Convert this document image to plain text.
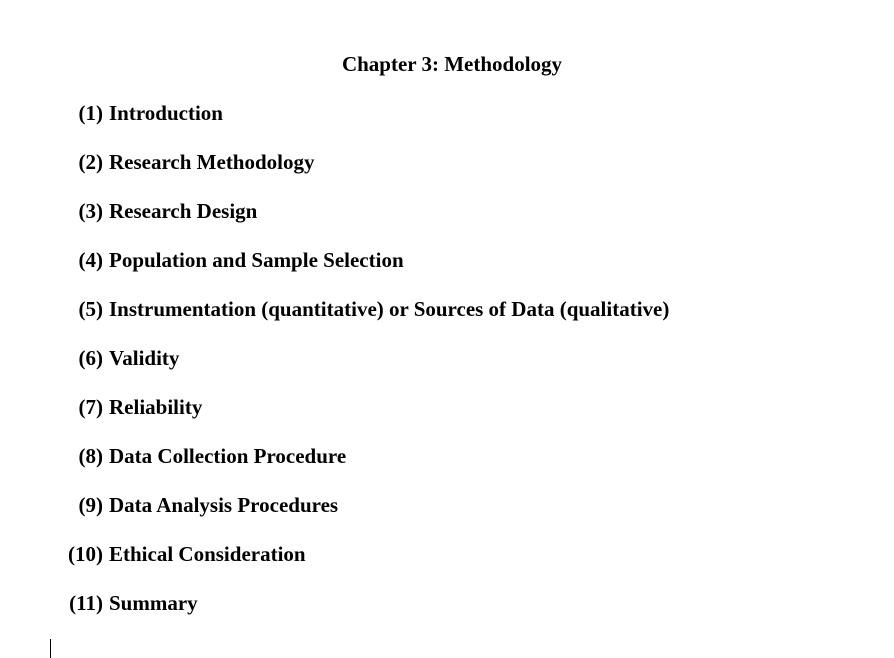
Chapter 3: Methodology
(1) Introduction
(2) Research Methodology
(3) Research Design
(4) Population and Sample Selection
(5) Instrumentation (quantitative) or Sources of Data (qualitative)
(6) Validity
(7) Reliability
(8) Data Collection Procedure
(9) Data Analysis Procedures
(10) Ethical Consideration
(11) Summary
